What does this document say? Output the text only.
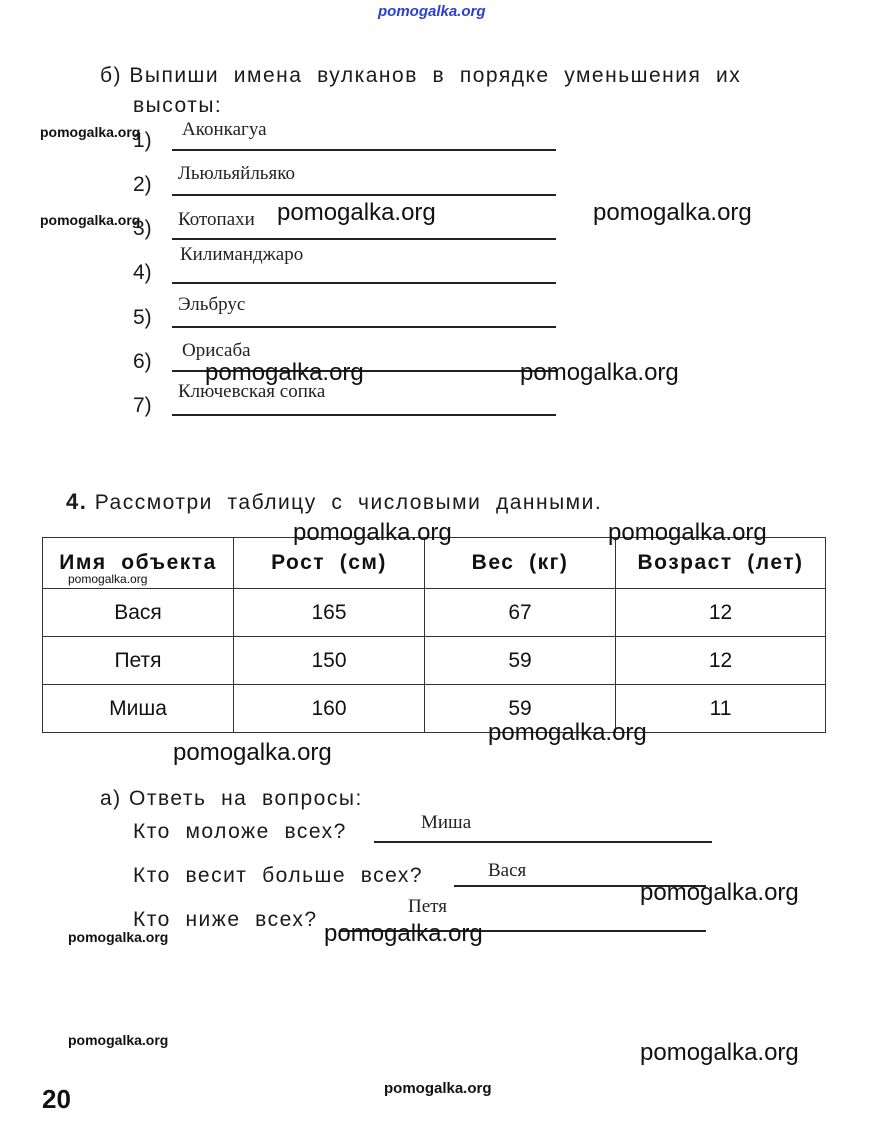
pomogalka.org
б) Выпиши  имена  вулканов  в  порядке  уменьшения  их
высоты:
1) Аконкагуа
2) Льюльяйльяко
3) Котопахи
4)
Килиманджаро
5)
Эльбрус
6) Орисаба
7)
Ключевская сопка
4. Рассмотри  таблицу  с  числовыми  данными.
Имя  объекта	Рост  (см)	Вес  (кг)	Возраст  (лет)
Вася	165	67	12
Петя	150	59	12
Миша	160	59	11
а) Ответь  на  вопросы:
Кто  моложе  всех?	Миша
Кто  весит  больше  всех?	Вася
Кто  ниже  всех?
Петя
20
pomogalka.org
pomogalka.org	pomogalka.org	pomogalka.org
pomogalka.org	pomogalka.org
pomogalka.org	pomogalka.org
pomogalka.org
pomogalka.org
pomogalka.org
pomogalka.org
pomogalka.org	pomogalka.org
pomogalka.org	pomogalka.org
pomogalka.org
